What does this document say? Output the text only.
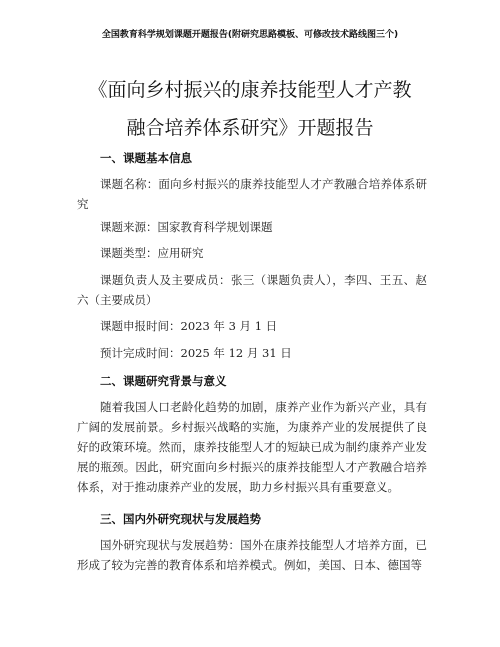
全国教育科学规划课题开题报告(附研究思路模板、可修改技术路线图三个)
《面向乡村振兴的康养技能型人才产教
融合培养体系研究》开题报告
一、课题基本信息
课题名称：面向乡村振兴的康养技能型人才产教融合培养体系研究
课题来源：国家教育科学规划课题
课题类型：应用研究
课题负责人及主要成员：张三（课题负责人），李四、王五、赵六（主要成员）
课题申报时间：2023 年 3 月 1 日
预计完成时间：2025 年 12 月 31 日
二、课题研究背景与意义
随着我国人口老龄化趋势的加剧，康养产业作为新兴产业，具有广阔的发展前景。乡村振兴战略的实施，为康养产业的发展提供了良好的政策环境。然而，康养技能型人才的短缺已成为制约康养产业发展的瓶颈。因此，研究面向乡村振兴的康养技能型人才产教融合培养体系，对于推动康养产业的发展，助力乡村振兴具有重要意义。
三、国内外研究现状与发展趋势
国外研究现状与发展趋势：国外在康养技能型人才培养方面，已形成了较为完善的教育体系和培养模式。例如，美国、日本、德国等
